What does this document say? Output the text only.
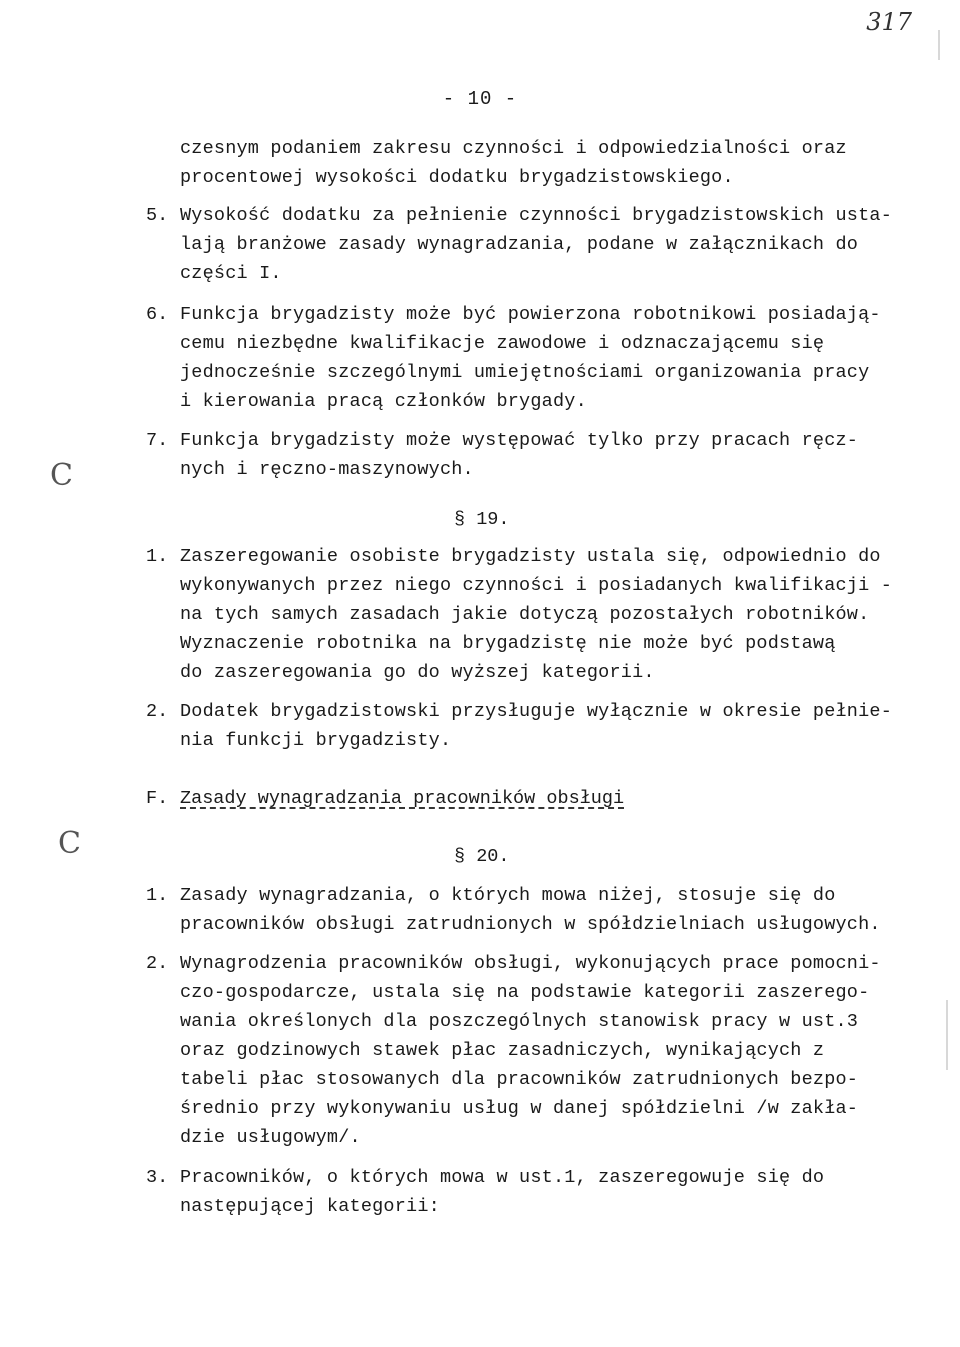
317
- 10 -
C
C
czesnym podaniem zakresu czynności i odpowiedzialności oraz
procentowej wysokości dodatku brygadzistowskiego.
5. Wysokość dodatku za pełnienie czynności brygadzistowskich usta-
lają branżowe zasady wynagradzania, podane w załącznikach do
części I.
6. Funkcja brygadzisty może być powierzona robotnikowi posiadają-
cemu niezbędne kwalifikacje zawodowe i odznaczającemu się
jednocześnie szczególnymi umiejętnościami organizowania pracy
i kierowania pracą członków brygady.
7. Funkcja brygadzisty może występować tylko przy pracach ręcz-
nych i ręczno-maszynowych.
§ 19.
1. Zaszeregowanie osobiste brygadzisty ustala się, odpowiednio do
wykonywanych przez niego czynności i posiadanych kwalifikacji -
na tych samych zasadach jakie dotyczą pozostałych robotników.
Wyznaczenie robotnika na brygadzistę nie może być podstawą
do zaszeregowania go do wyższej kategorii.
2. Dodatek brygadzistowski przysługuje wyłącznie w okresie pełnie-
nia funkcji brygadzisty.
F. Zasady wynagradzania pracowników obsługi
§ 20.
1. Zasady wynagradzania, o których mowa niżej, stosuje się do
pracowników obsługi zatrudnionych w spółdzielniach usługowych.
2. Wynagrodzenia pracowników obsługi, wykonujących prace pomocni-
czo-gospodarcze, ustala się na podstawie kategorii zaszerego-
wania określonych dla poszczególnych stanowisk pracy w ust.3
oraz godzinowych stawek płac zasadniczych, wynikających z
tabeli płac stosowanych dla pracowników zatrudnionych bezpo-
średnio przy wykonywaniu usług w danej spółdzielni /w zakła-
dzie usługowym/.
3. Pracowników, o których mowa w ust.1, zaszeregowuje się do
następującej kategorii:
